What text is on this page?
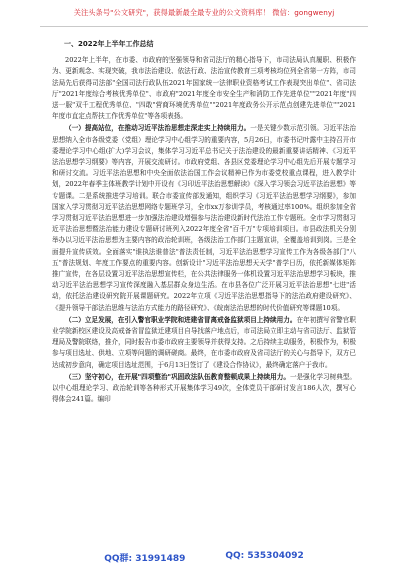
关注头条号"公文研究"，获得最新最全最专业的公文资料库！ 微信：gongwenyj
一、2022年上半年工作总结

2022年上半年，在市委、市政府的坚强领导和省司法厅的精心指导下，市司法局认真履职、积极作为、更新观念、实现突破，我市法治建设、依法行政、法治宣传教育三项考核均位列全省第一方阵，市司法局先后获得司法部"全国司法行政队伍2021年国家统一法律职业资格考试工作表现突出单位"、省司法厅"2021年度综合考核优秀单位"、市政府"2021年度全市安全生产和消防工作先进单位""2021年度"四送一服"双千工程优秀单位、"四敢"营商环境优秀单位""2021年度政务公开示范点创建先进单位""2021年度市直定点帮扶工作优秀单位"等各项表扬。

（一）提高站位，在推动习近平法治思想走深走实上持续用力。一是关键少数示范引领。习近平法治思想纳入全市各级党委（党组）理论学习中心组学习的重要内容，5月26日，市委书记叶露中主持召开市委理论学习中心组(扩大)学习会议，集体学习习近平总书记关于法治建设的最新重要讲话精神、《习近平法治思想学习纲要》等内容，开展交流研讨。市政府党组、各县区党委理论学习中心组先后开展专题学习和研讨交流。习近平法治思想和中央全面依法治国工作会议精神已作为市委党校重点课程，进入教学计划，2022年春季主体班教学计划中开设有《习印近平法治思想解读》《深入学习领会习近平法治思想》等专题课。二是系统推进学习培训。联合市委宣传部发通知，组织学习《习近平法治思想学习纲要》，参加国家入学习贯彻习近平法治思想网络专题班学习，全市xx万参训学员，考核通过率100%。组织参加全省学习贯彻习近平法治思想进一步加强法治建设增强参与法治建设新时代法治工作专题班。全市学习贯彻习近平法治思想暨法治能力建设专题研讨班列入2022年度全省"百千万"专项培训项目。市县政法机关分别举办以习近平法治思想为主要内容的政治轮训班，各级法治工作部门主题宣讲，全覆盖培训到岗。三是全面提升宣传质效。全面落实"谁执法谁普法"普法责任制，习近平法治思想学习宣传工作为各级各部门"八五"普法规划、年度工作要点的重要内容。创新设计"习近平法治思想天天学"普学日历，依托新媒体矩阵推广宣传，在各层设置习近平法治思想宣传栏，在公共法律服务一体机设置习近平法治思想学习板块，推动习近平法治思想学习宣传深度融入基层群众身边生活。在市县各位广泛开展习近平法治思想"七进"活动，依托法治建设研究院开展课题研究。2022年立项《习近平法治思想指导下的法治政府建设研究》、《提升领导干部法治思维与法治方式能力的路径研究》、《皖南法治思想的时代价值研究等课题10项。

（二）立足发展，在引入警官职业学院和进建省冒离戒备监狱项目上持续用力。在年初撰写省警官职业学院新校区建设及高戒备省冒监狱迁建项目自导找落户地点后，市司法局立即主动与省司法厅、监狱管理局及警院联络，推介，同时报告市委市政府主要领导并获得支持。之后持续主动服务，积极作为，积极参与项目选址、供地、立项等问题的调研磋商。最终，在市委市政府及省司法厅的关心与指导下，双方已达成初步意向，确定项目选址范围，于6月13日签订了《建设合作协议》，最终确定落户于我市。

（三）坚守初心，在开展"四项整治"巩固政法队伍教育整顿成果上持续用力。一是强化学习树典型。以中心组理论学习、政治轮训等各种形式开展集体学习49次，全体党员干部研讨发言186人次，撰写心得体会241篇。编印

QQ群: 31991489	QQ: 535304092
